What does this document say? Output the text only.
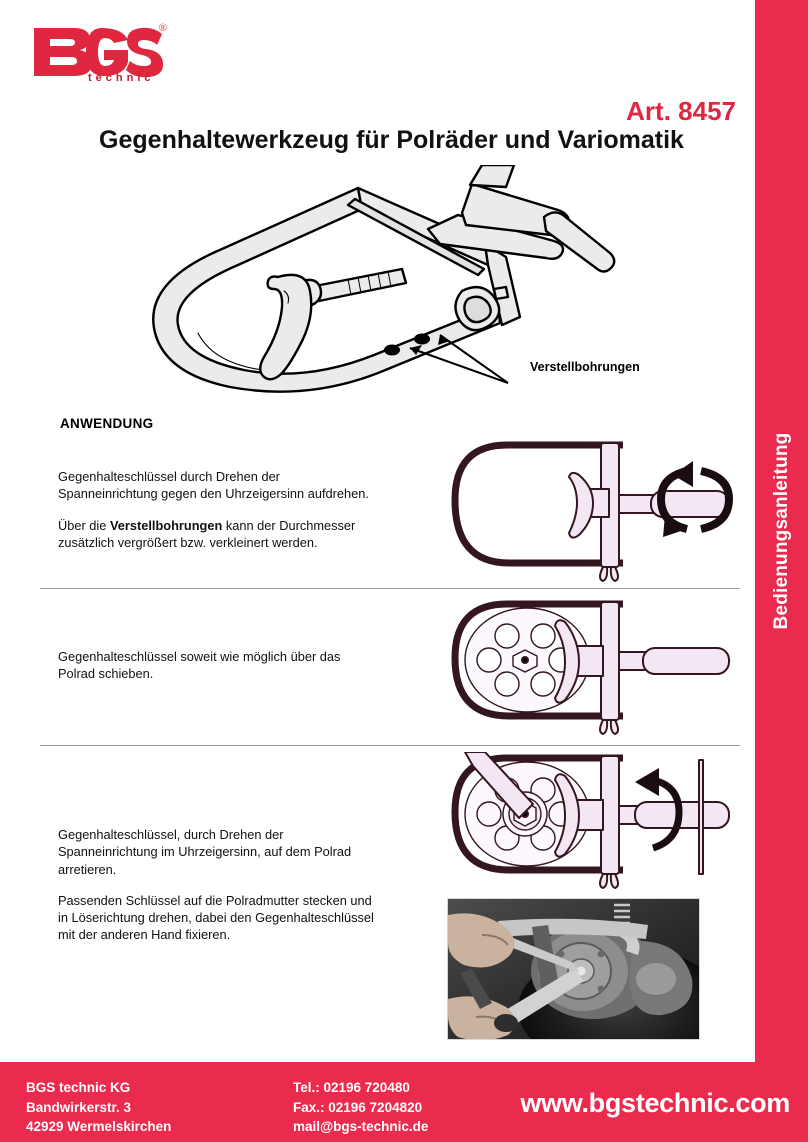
Bedienungsanleitung
®
technic
Art. 8457
Gegenhaltewerkzeug für Polräder und Variomatik
Verstellbohrungen
ANWENDUNG

Gegenhalteschlüssel durch Drehen der
Spanneinrichtung gegen den Uhrzeigersinn aufdrehen.

Über die Verstellbohrungen kann der Durchmesser
zusätzlich vergrößert bzw. verkleinert werden.

Gegenhalteschlüssel soweit wie möglich über das
Polrad schieben.

Gegenhalteschlüssel, durch Drehen der
Spanneinrichtung im Uhrzeigersinn, auf dem Polrad
arretieren.

Passenden Schlüssel auf die Polradmutter stecken und
in Löserichtung drehen, dabei den Gegenhalteschlüssel
mit der anderen Hand fixieren.

BGS technic KG
Bandwirkerstr. 3
42929 Wermelskirchen
Tel.: 02196 720480
Fax.: 02196 7204820
mail@bgs-technic.de
www.bgstechnic.com
